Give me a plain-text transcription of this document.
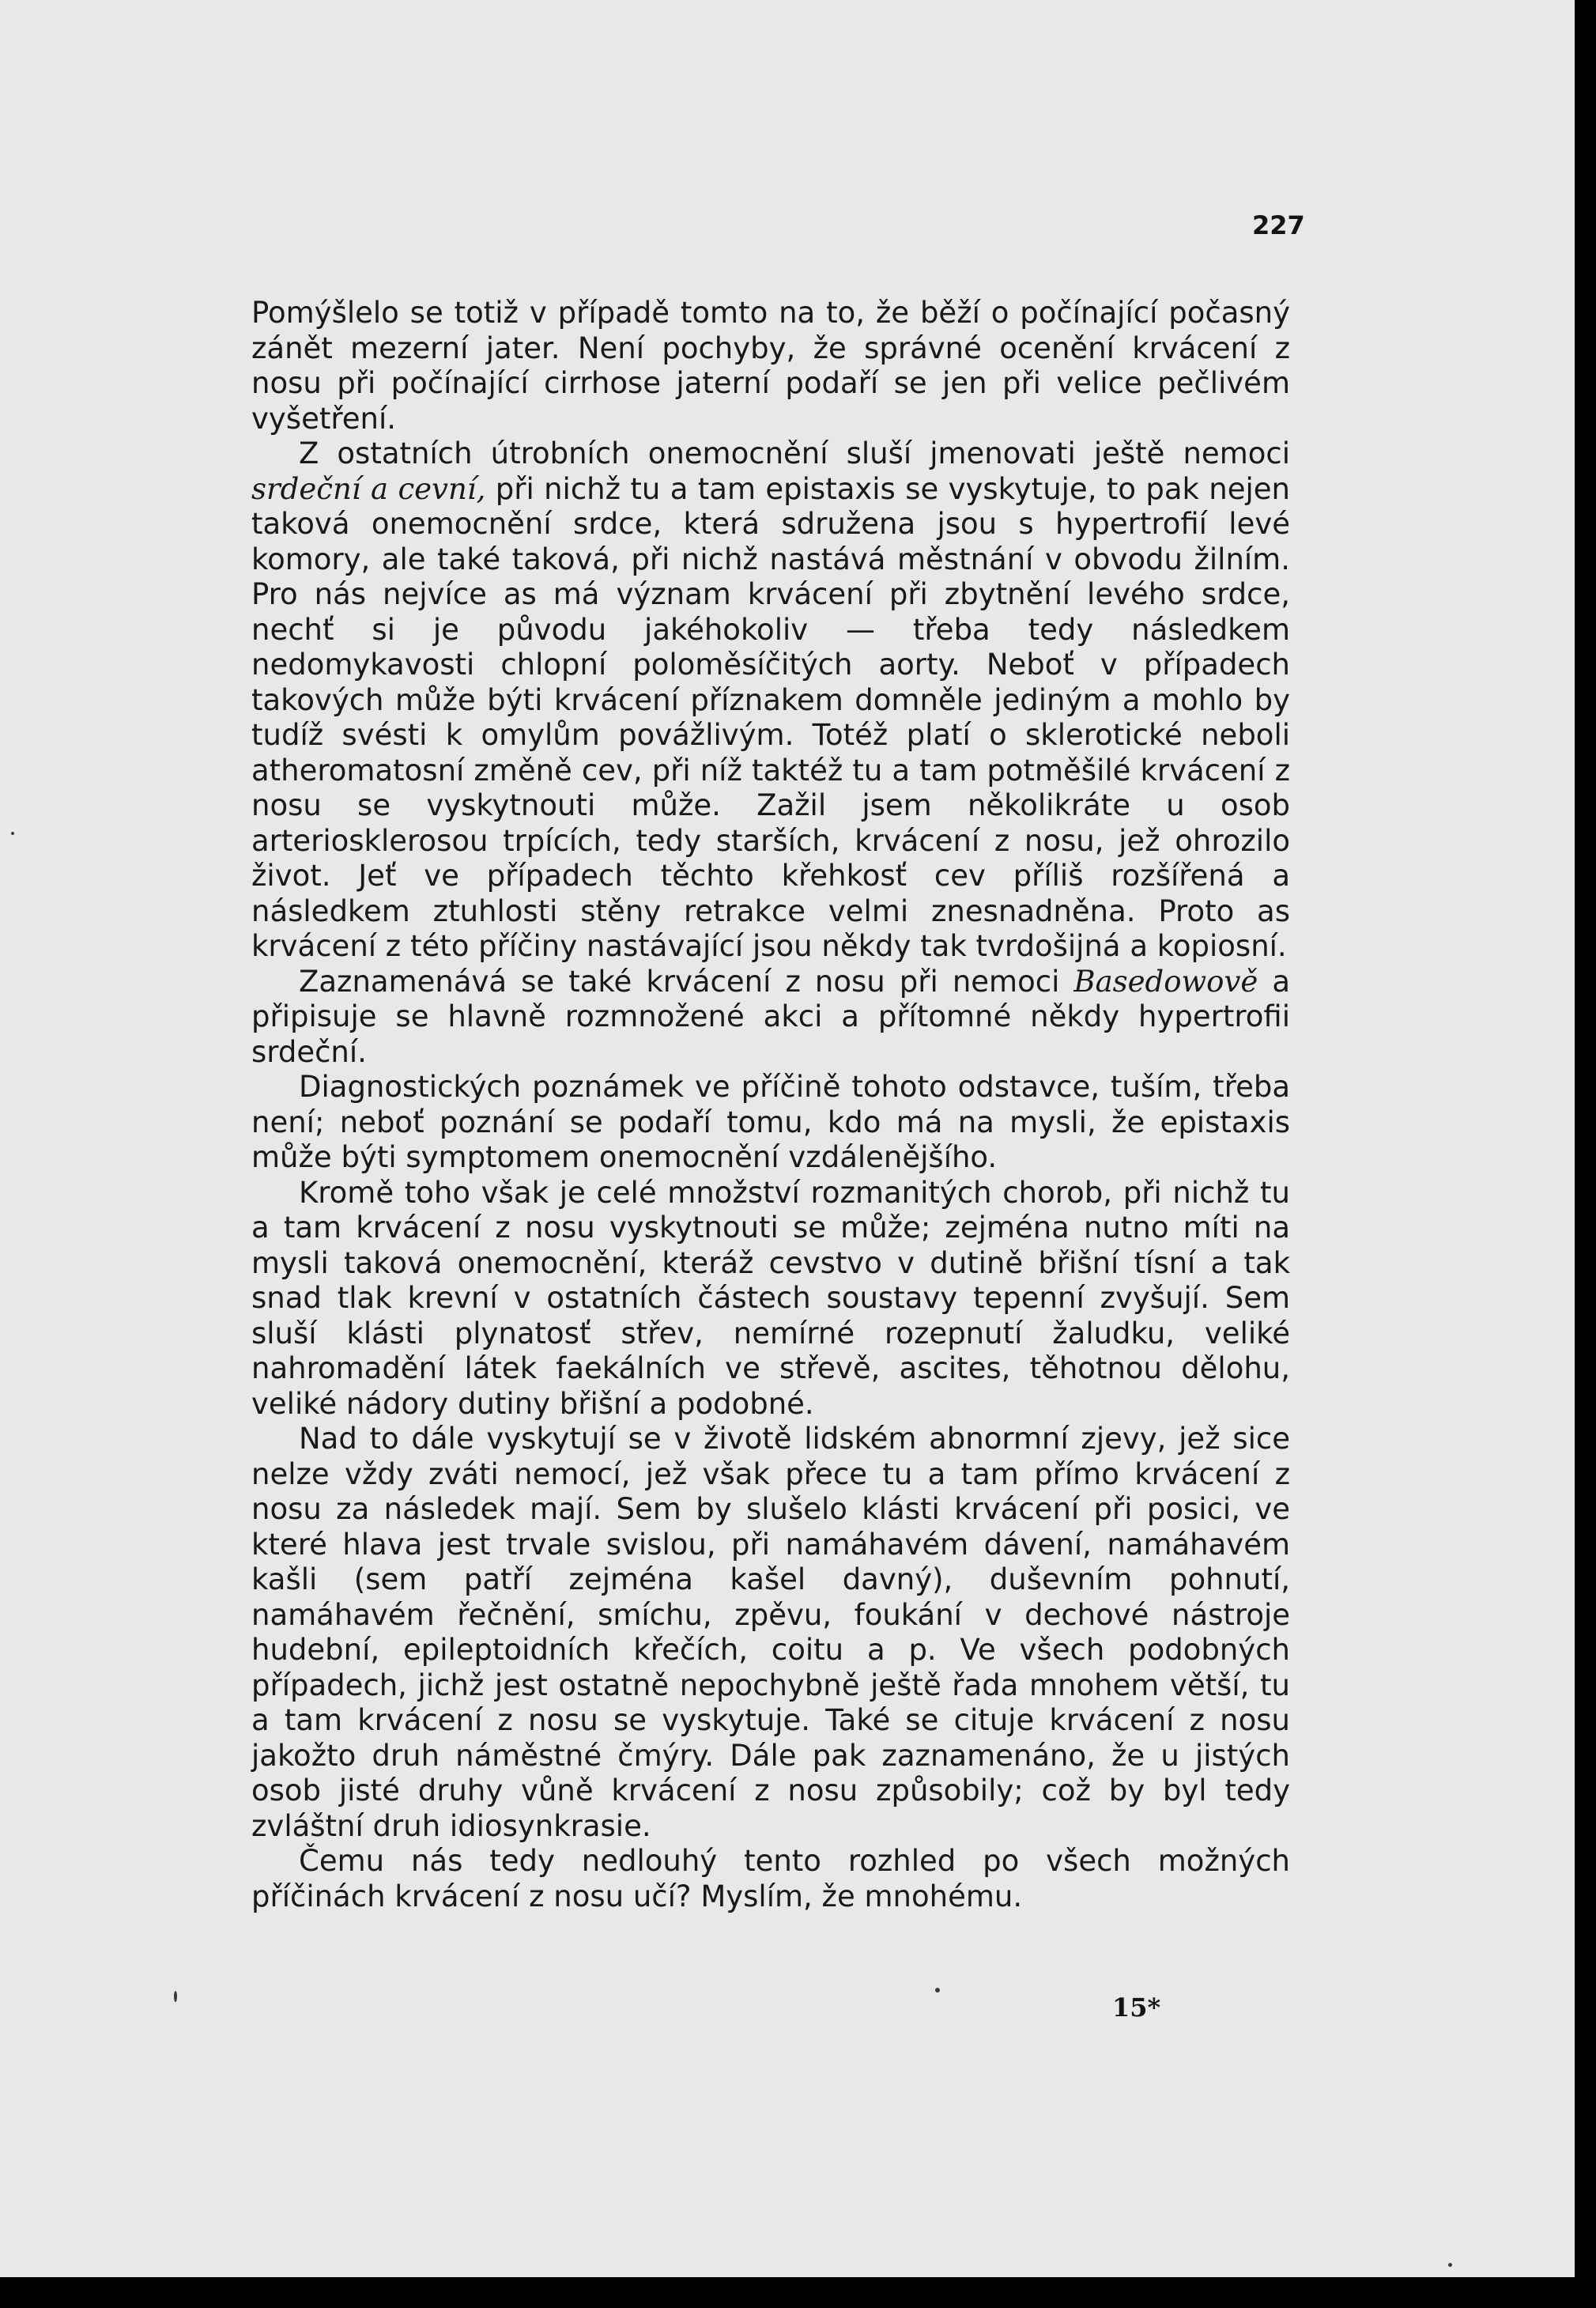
227

Pomýšlelo se totiž v případě tomto na to, že běží o počínající počasný zánět mezerní jater. Není pochyby, že správné ocenění krvácení z nosu při počínající cirrhose jaterní podaří se jen při velice pečlivém vyšetření.

Z ostatních útrobních onemocnění sluší jmenovati ještě nemoci srdeční a cevní, při nichž tu a tam epistaxis se vyskytuje, to pak nejen taková onemocnění srdce, která sdružena jsou s hypertrofií levé komory, ale také taková, při nichž nastává městnání v obvodu žilním. Pro nás nejvíce as má význam krvácení při zbytnění levého srdce, nechť si je původu jakéhokoliv — třeba tedy následkem nedomykavosti chlopní poloměsíčitých aorty. Neboť v případech takových může býti krvácení příznakem domněle jediným a mohlo by tudíž svésti k omylům povážlivým. Totéž platí o sklerotické neboli atheromatosní změně cev, při níž taktéž tu a tam potměšilé krvácení z nosu se vyskytnouti může. Zažil jsem několikráte u osob arteriosklerosou trpících, tedy starších, krvácení z nosu, jež ohrozilo život. Jeť ve případech těchto křehkosť cev příliš rozšířená a následkem ztuhlosti stěny retrakce velmi znesnadněna. Proto as krvácení z této příčiny nastávající jsou někdy tak tvrdošijná a kopiosní.

Zaznamenává se také krvácení z nosu při nemoci Basedowově a připisuje se hlavně rozmnožené akci a přítomné někdy hypertrofii srdeční.

Diagnostických poznámek ve příčině tohoto odstavce, tuším, třeba není; neboť poznání se podaří tomu, kdo má na mysli, že epistaxis může býti symptomem onemocnění vzdálenějšího.

Kromě toho však je celé množství rozmanitých chorob, při nichž tu a tam krvácení z nosu vyskytnouti se může; zejména nutno míti na mysli taková onemocnění, kteráž cevstvo v dutině břišní tísní a tak snad tlak krevní v ostatních částech soustavy tepenní zvyšují. Sem sluší klásti plynatosť střev, nemírné rozepnutí žaludku, veliké nahromadění látek faekálních ve střevě, ascites, těhotnou dělohu, veliké nádory dutiny břišní a podobné.

Nad to dále vyskytují se v životě lidském abnormní zjevy, jež sice nelze vždy zváti nemocí, jež však přece tu a tam přímo krvácení z nosu za následek mají. Sem by slušelo klásti krvácení při posici, ve které hlava jest trvale svislou, při namáhavém dávení, namáhavém kašli (sem patří zejména kašel davný), duševním pohnutí, namáhavém řečnění, smíchu, zpěvu, foukání v dechové nástroje hudební, epileptoidních křečích, coitu a p. Ve všech podobných případech, jichž jest ostatně nepochybně ještě řada mnohem větší, tu a tam krvácení z nosu se vyskytuje. Také se cituje krvácení z nosu jakožto druh náměstné čmýry. Dále pak zaznamenáno, že u jistých osob jisté druhy vůně krvácení z nosu způsobily; což by byl tedy zvláštní druh idiosynkrasie.

Čemu nás tedy nedlouhý tento rozhled po všech možných příčinách krvácení z nosu učí? Myslím, že mnohému.

15*
